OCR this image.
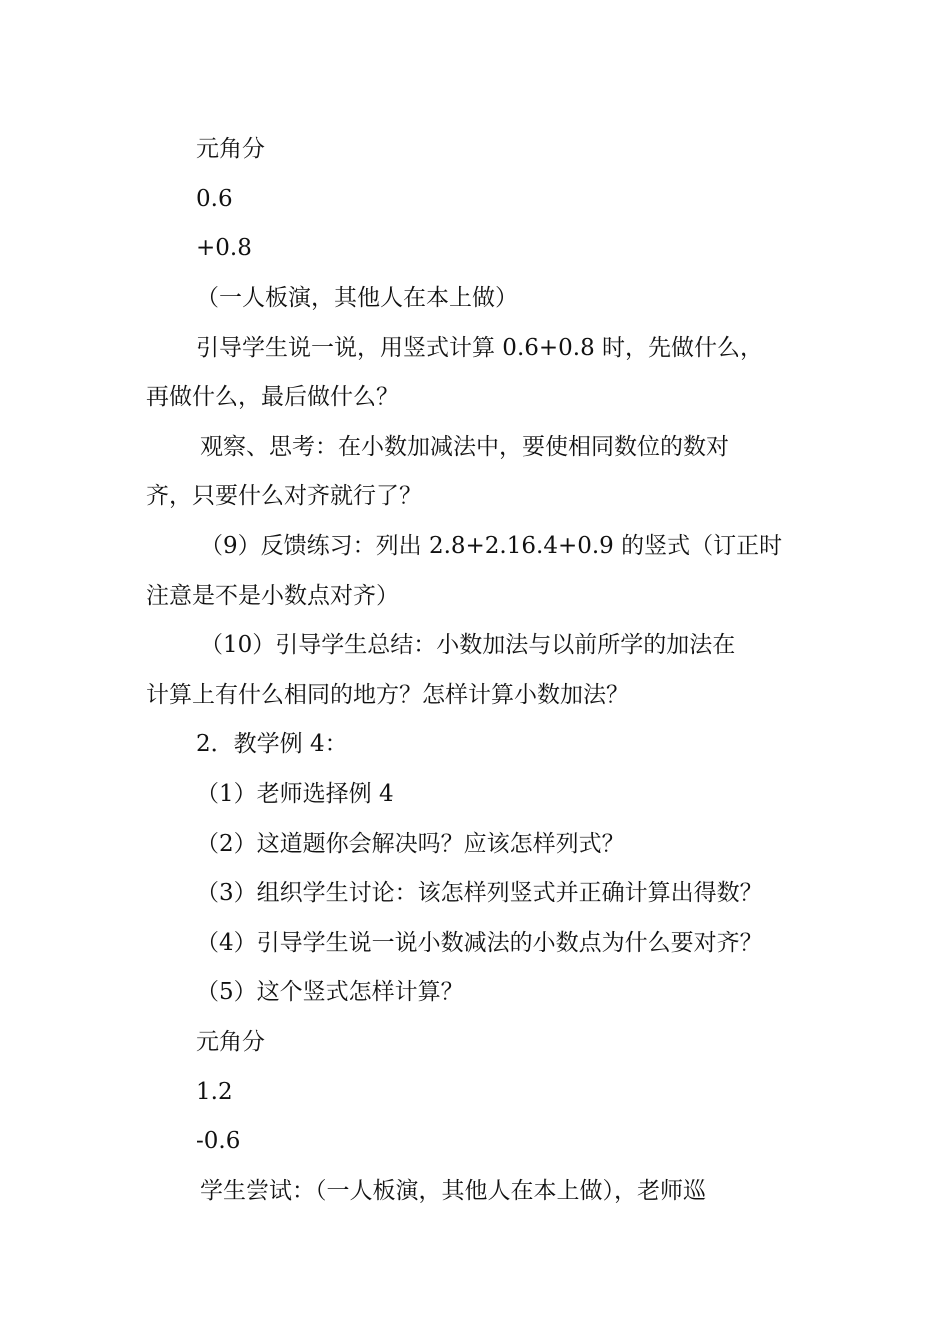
元角分
0.6
+0.8
（一人板演，其他人在本上做）
引导学生说一说，用竖式计算 0.6+0.8 时，先做什么，
再做什么，最后做什么？
观察、思考：在小数加减法中，要使相同数位的数对
齐，只要什么对齐就行了？
（9）反馈练习：列出 2.8+2.16.4+0.9 的竖式（订正时
注意是不是小数点对齐）
（10）引导学生总结：小数加法与以前所学的加法在
计算上有什么相同的地方？怎样计算小数加法？
2．教学例 4：
（1）老师选择例 4
（2）这道题你会解决吗？应该怎样列式？
（3）组织学生讨论：该怎样列竖式并正确计算出得数？
（4）引导学生说一说小数减法的小数点为什么要对齐？
（5）这个竖式怎样计算？
元角分
1.2
-0.6
学生尝试：（一人板演，其他人在本上做），老师巡
